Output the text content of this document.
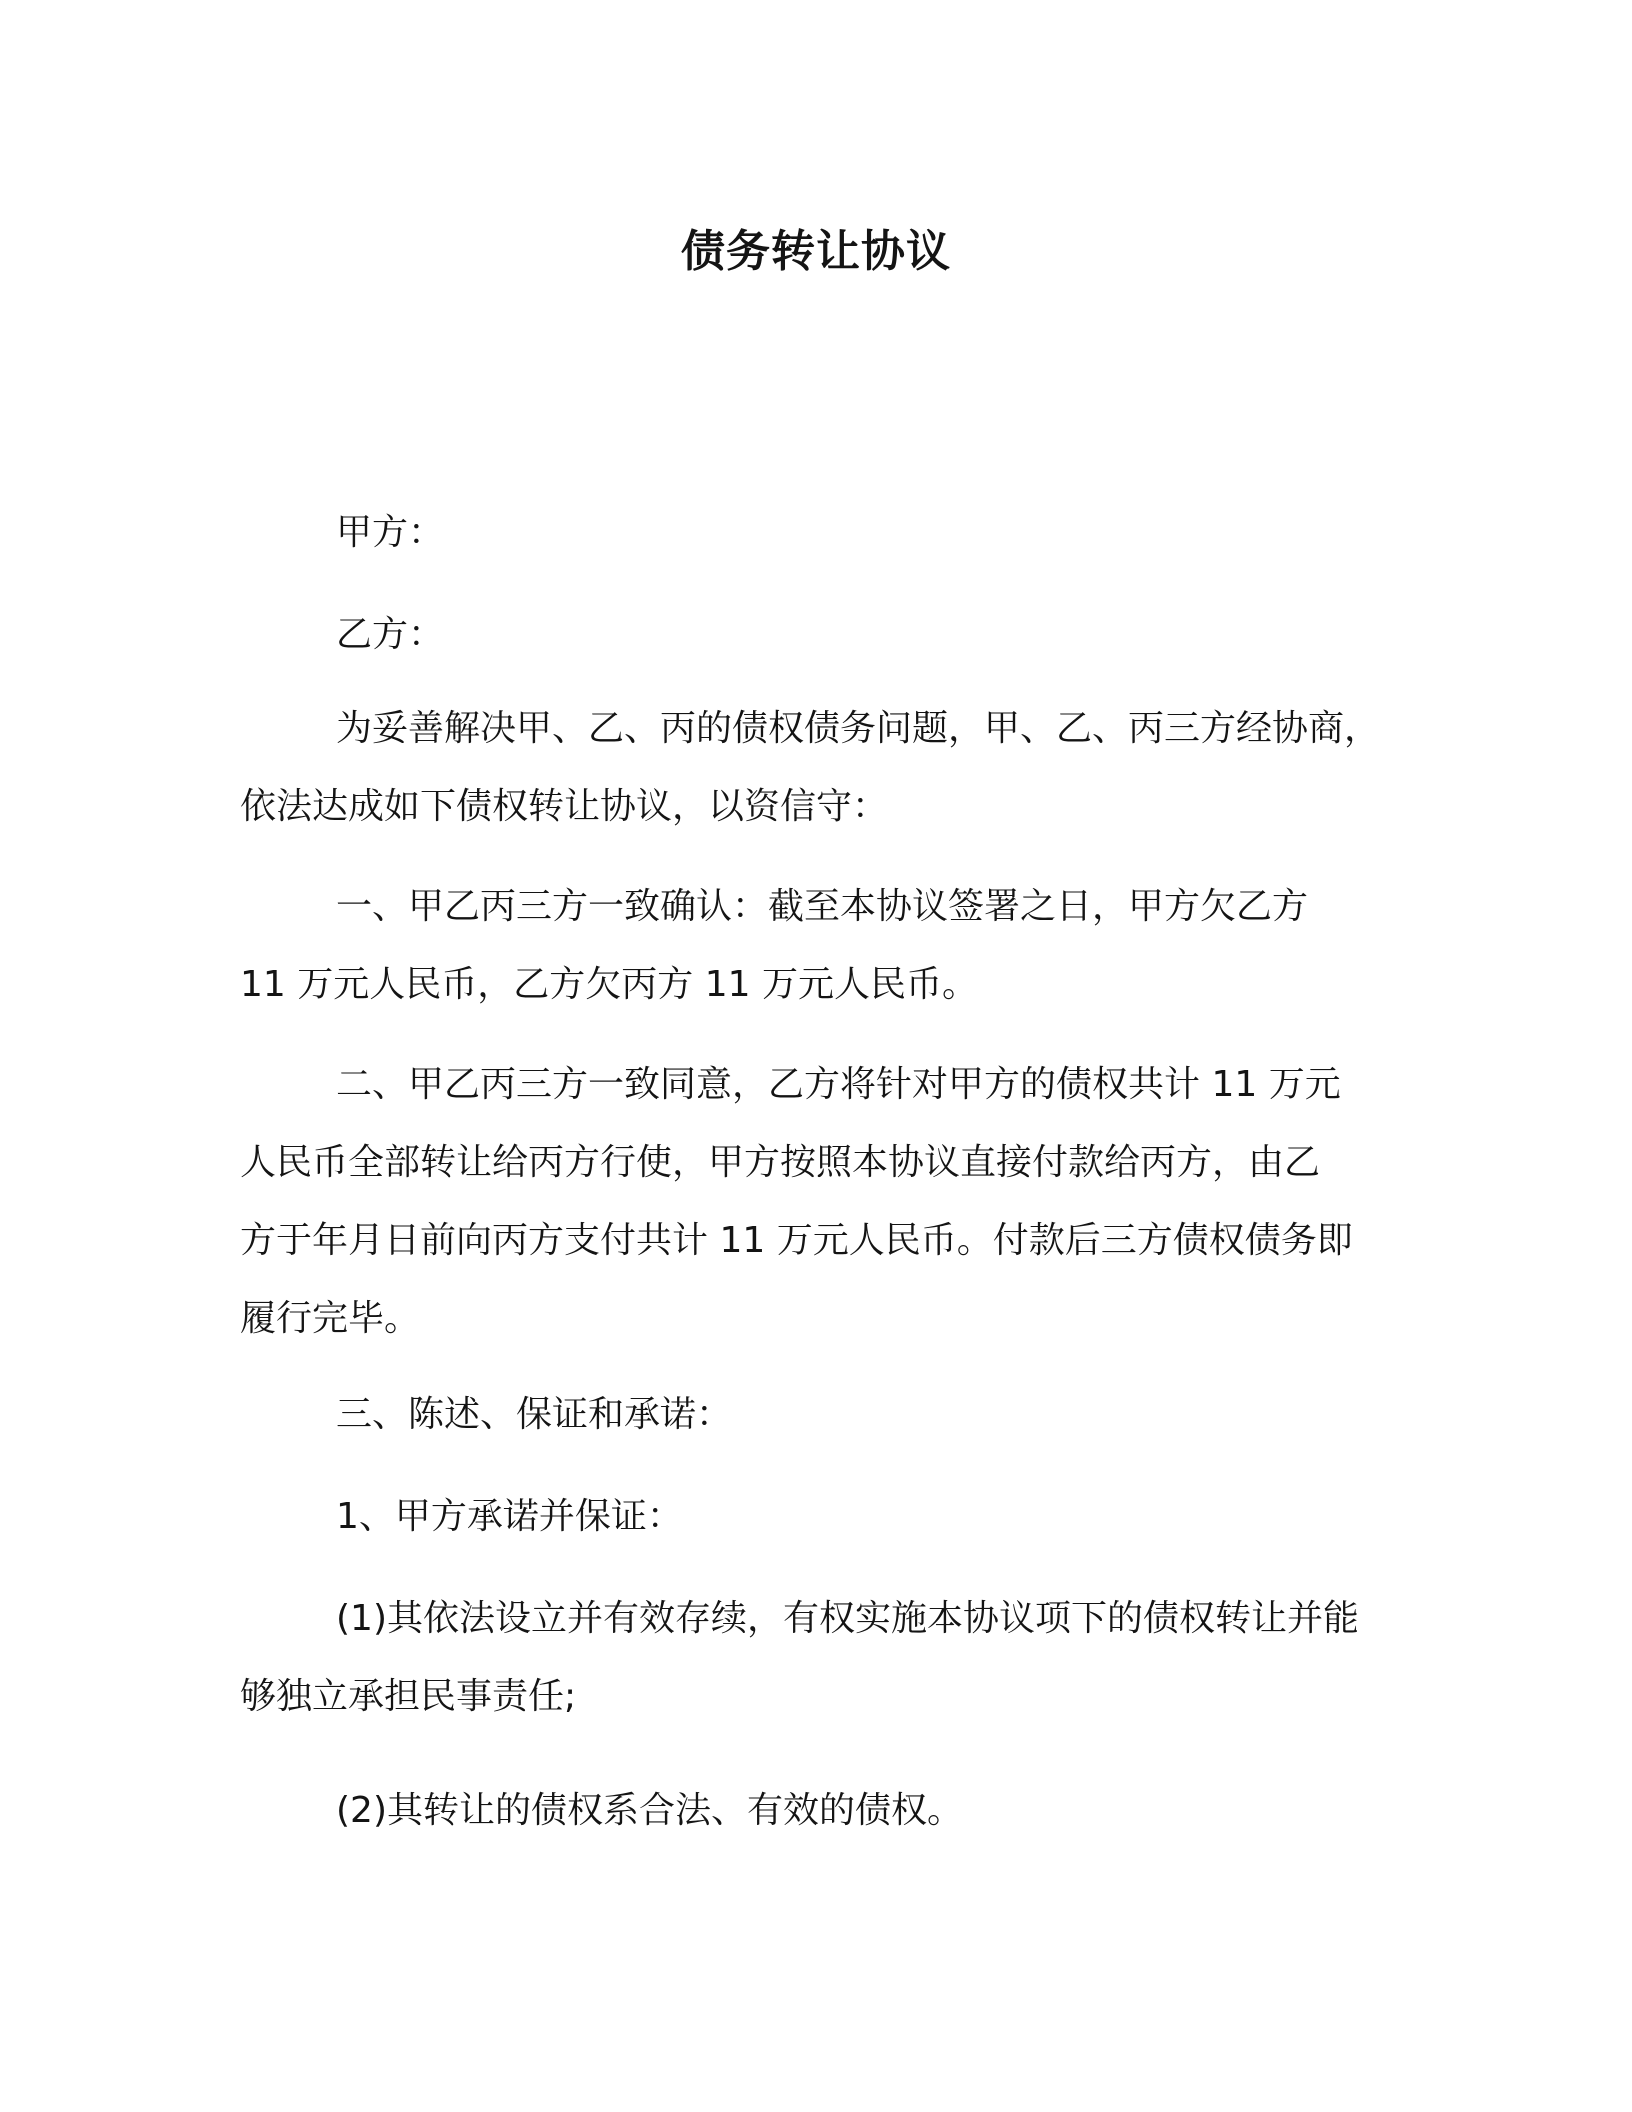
债务转让协议

甲方：

乙方：

为妥善解决甲、乙、丙的债权债务问题，甲、乙、丙三方经协商，
依法达成如下债权转让协议，以资信守：

一、甲乙丙三方一致确认：截至本协议签署之日，甲方欠乙方
11 万元人民币，乙方欠丙方 11 万元人民币。

二、甲乙丙三方一致同意，乙方将针对甲方的债权共计 11 万元
人民币全部转让给丙方行使，甲方按照本协议直接付款给丙方，由乙
方于年月日前向丙方支付共计 11 万元人民币。付款后三方债权债务即
履行完毕。

三、陈述、保证和承诺：

1、甲方承诺并保证：

(1)其依法设立并有效存续，有权实施本协议项下的债权转让并能
够独立承担民事责任;

(2)其转让的债权系合法、有效的债权。
